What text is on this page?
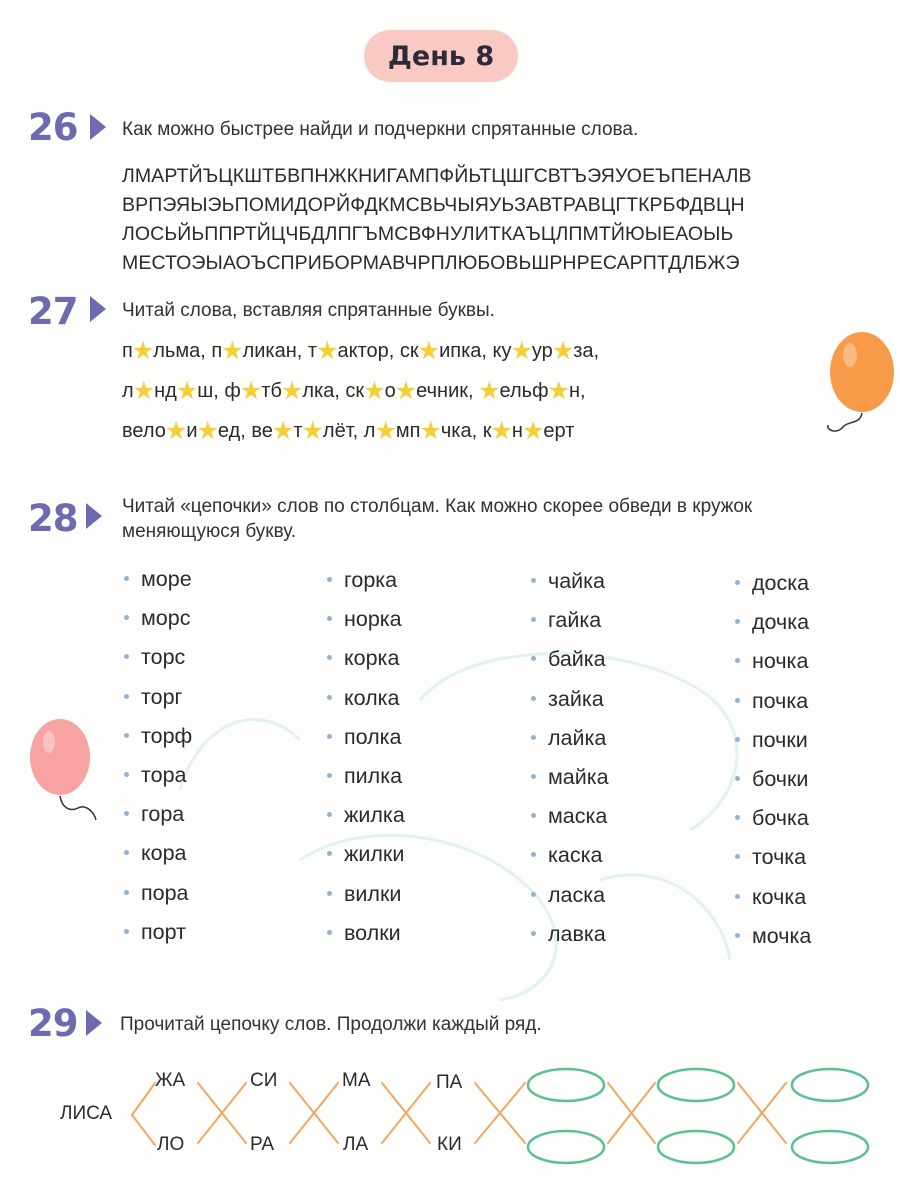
День 8
26 Как можно быстрее найди и подчеркни спрятанные слова.
ЛМАРТЙЪЦКШТБВПНЖКНИГАМПФЙЬТЦШГСВТЪЭЯУОЕЪПЕНАЛВ
ВРПЭЯЫЭЬПОМИДОРЙФДКМСВЬЧЫЯУЬЗАВТРАВЦГТКРБФДВЦН
ЛОСЬЙЬППРТЙЦЧБДЛПГЪМСВФНУЛИТКАЪЦЛПМТЙЮЫЕАОЫЬ
МЕСТОЭЫАОЪСПРИБОРМАВЧРПЛЮБОВЬШРНРЕСАРПТДЛБЖЭ
27 Читай слова, вставляя спрятанные буквы.
п★льма, п★ликан, т★актор, ск★ипка, ку★ур★за,
л★нд★ш, ф★тб★лка, ск★о★ечник, ★ельф★н,
вело★и★ед, ве★т★лёт, л★мп★чка, к★н★ерт
28 Читай «цепочки» слов по столбцам. Как можно скорее обведи в кружок
меняющуюся букву.
море
морс
торс
торг
торф
тора
гора
кора
пора
порт
горка
норка
корка
колка
полка
пилка
жилка
жилки
вилки
волки
чайка
гайка
байка
зайка
лайка
майка
маска
каска
ласка
лавка
доска
дочка
ночка
почка
почки
бочки
бочка
точка
кочка
мочка
29 Прочитай цепочку слов. Продолжи каждый ряд.
ЛИСА
ЖА	СИ	МА	ПА
ЛО	РА	ЛА	КИ
